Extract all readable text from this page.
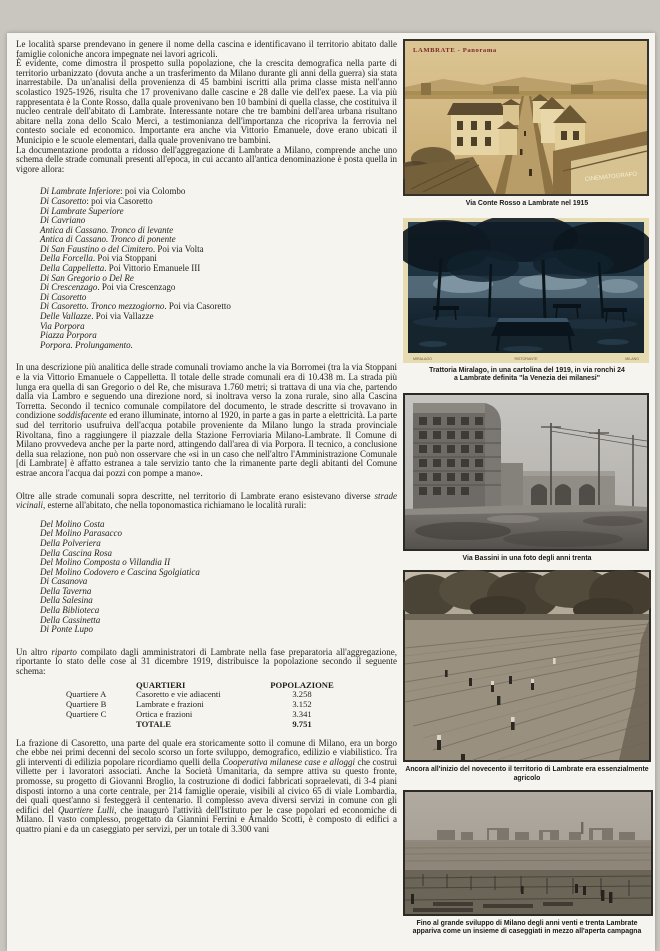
Le località sparse prendevano in genere il nome della cascina e identificavano il territorio abitato dalle famiglie coloniche ancora impegnate nei lavori agricoli.

È evidente, come dimostra il prospetto sulla popolazione, che la crescita demografica nella parte di territorio urbanizzato (dovuta anche a un trasferimento da Milano durante gli anni della guerra) sia stata inarrestabile. Da un'analisi della provenienza di 45 bambini iscritti alla prima classe mista nell'anno scolastico 1925-1926, risulta che 17 provenivano dalle cascine e 28 dalle vie dell'ex paese. La via più rappresentata è la Conte Rosso, dalla quale provenivano ben 10 bambini di quella classe, che costituiva il nucleo centrale dell'abitato di Lambrate. Interessante notare che tre bambini dell'area urbana risultano abitare nella zona dello Scalo Merci, a testimonianza dell'importanza che ricopriva la ferrovia nel contesto sociale ed economico. Importante era anche via Vittorio Emanuele, dove erano ubicati il Municipio e le scuole elementari, dalla quale provenivano tre bambini.

La documentazione prodotta a ridosso dell'aggregazione di Lambrate a Milano, comprende anche uno schema delle strade comunali presenti all'epoca, in cui accanto all'antica denominazione è posta quella in vigore allora:

Di Lambrate Inferiore: poi via Colombo
Di Casoretto: poi via Casoretto
Di Lambrate Superiore
Di Cavriano
Antica di Cassano. Tronco di levante
Antica di Cassano. Tronco di ponente
Di San Faustino o del Cimitero. Poi via Volta
Della Forcella. Poi via Stoppani
Della Cappelletta. Poi Vittorio Emanuele III
Di San Gregorio o Del Re
Di Crescenzago. Poi via Crescenzago
Di Casoretto
Di Casoretto. Tronco mezzogiorno. Poi via Casoretto
Delle Vallazze. Poi via Vallazze
Via Porpora
Piazza Porpora
Porpora. Prolungamento.

In una descrizione più analitica delle strade comunali troviamo anche la via Borromei (tra la via Stoppani e la via Vittorio Emanuele o Cappelletta. Il totale delle strade comunali era di 10.438 m. La strada più lunga era quella di san Gregorio o del Re, che misurava 1.760 metri; si trattava di una via che, partendo dalla via Lambro e seguendo una direzione nord, si inoltrava verso la zona rurale, sino alla Cascina Torretta. Secondo il tecnico comunale compilatore del documento, le strade descritte si trovavano in condizione soddisfacente ed erano illuminate, intorno al 1920, in parte a gas in parte a elettricità. La parte sud del territorio usufruiva dell'acqua potabile proveniente da Milano lungo la strada provinciale Rivoltana, fino a raggiungere il piazzale della Stazione Ferroviaria Milano-Lambrate. Il Comune di Milano provvedeva anche per la parte nord, attingendo dall'area di via Porpora. Il tecnico, a conclusione della sua relazione, non può non osservare che «si in un caso che nell'altro l'Amministrazione Comunale [di Lambrate] è affatto estranea a tale servizio tanto che la rimanente parte degli abitanti del Comune estrae ancora l'acqua dai pozzi con pompe a mano».

Oltre alle strade comunali sopra descritte, nel territorio di Lambrate erano esistevano diverse strade vicinali, esterne all'abitato, che nella toponomastica richiamano le località rurali:

Del Molino Costa
Del Molino Parasacco
Della Polveriera
Della Cascina Rosa
Del Molino Composta o Villandia II
Del Molino Codovero e Cascina Sgolgiatica
Di Casanova
Della Taverna
Della Salesina
Della Biblioteca
Della Cassinetta
Di Ponte Lupo

Un altro riparto compilato dagli amministratori di Lambrate nella fase preparatoria all'aggregazione, riportante lo stato delle cose al 31 dicembre 1919, distribuisce la popolazione secondo il seguente schema:

QUARTIERI	POPOLAZIONE
Quartiere A	Casoretto e vie adiacenti	3.258
Quartiere B	Lambrate e frazioni	3.152
Quartiere C	Ortica e frazioni	3.341
TOTALE	9.751

La frazione di Casoretto, una parte del quale era storicamente sotto il comune di Milano, era un borgo che ebbe nei primi decenni del secolo scorso un forte sviluppo, demografico, edilizio e viabilistico. Tra gli interventi di edilizia popolare ricordiamo quelli della Cooperativa milanese case e alloggi che costruì villette per i lavoratori associati. Anche la Società Umanitaria, da sempre attiva su questo fronte, promosse, su progetto di Giovanni Broglio, la costruzione di dodici fabbricati sopraelevati, di 3-4 piani disposti intorno a una corte centrale, per 214 famiglie operaie, visibili al civico 65 di viale Lombardia, dei quali quest'anno si festeggerà il centenario. Il complesso aveva diversi servizi in comune con gli edifici del Quartiere Lulli, che inaugurò l'attività dell'Istituto per le case popolari ed economiche di Milano. Il vasto complesso, progettato da Giannini Ferrini e Arnaldo Scotti, è composto di edifici a quattro piani e da un caseggiato per servizi, per un totale di 3.300 vani

CINEMATOGRAFO
LAMBRATE - Panorama
Via Conte Rosso a Lambrate nel 1915
MIRALAGO	RISTORANTE	MILANO
Trattoria Miralago, in una cartolina del 1919, in via ronchi 24
a Lambrate definita "la Venezia dei milanesi"
Via Bassini in una foto degli anni trenta
Ancora all'inizio del novecento il territorio di Lambrate era essenzialmente agricolo
Fino al grande sviluppo di Milano degli anni venti e trenta Lambrate
appariva come un insieme di caseggiati in mezzo all'aperta campagna
